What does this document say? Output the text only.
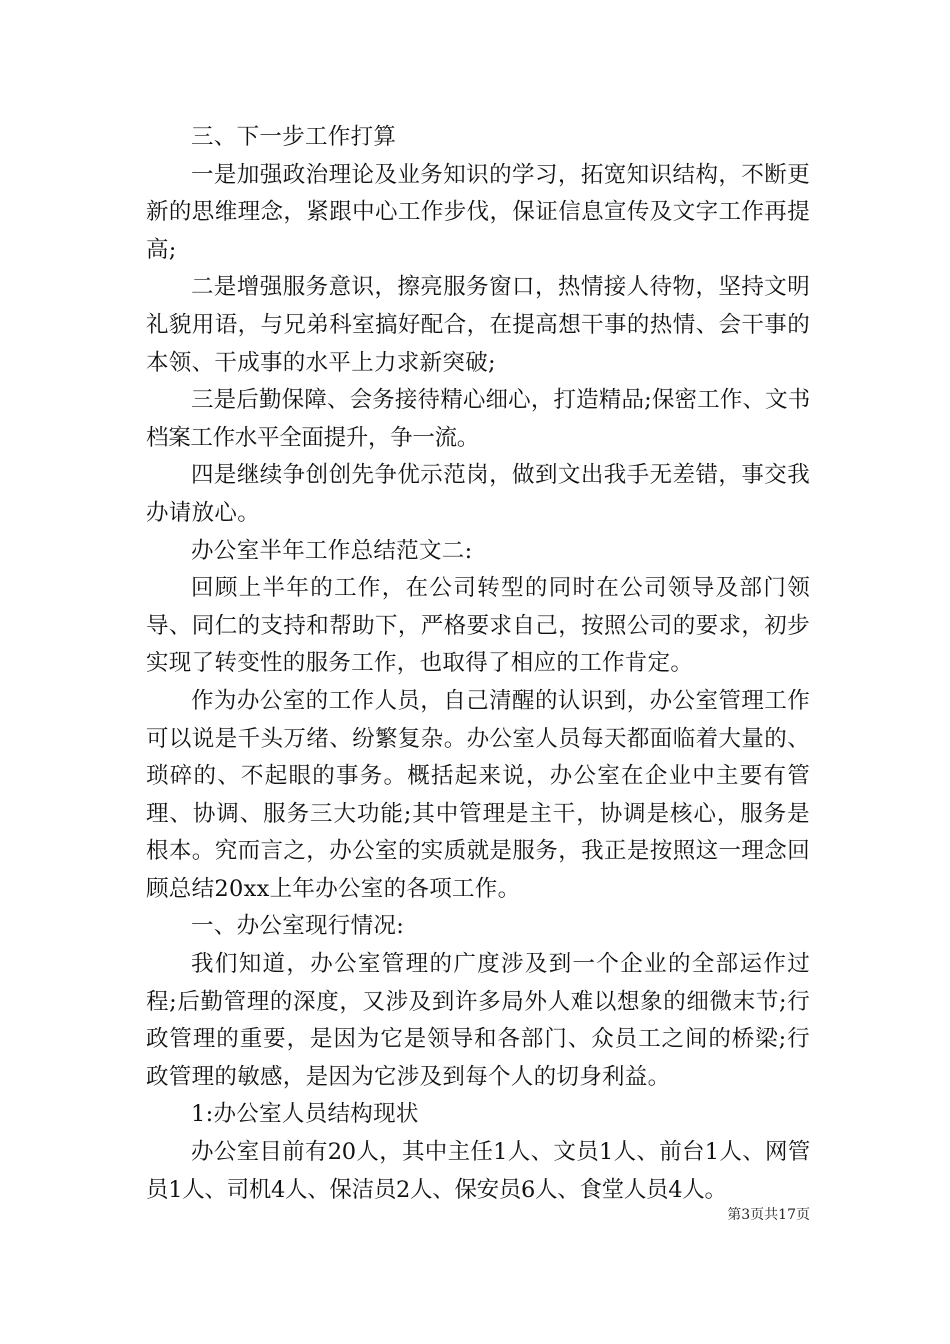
三、下一步工作打算

一是加强政治理论及业务知识的学习，拓宽知识结构，不断更新的思维理念，紧跟中心工作步伐，保证信息宣传及文字工作再提高;

二是增强服务意识，擦亮服务窗口，热情接人待物，坚持文明礼貌用语，与兄弟科室搞好配合，在提高想干事的热情、会干事的本领、干成事的水平上力求新突破;

三是后勤保障、会务接待精心细心，打造精品;保密工作、文书档案工作水平全面提升，争一流。

四是继续争创创先争优示范岗，做到文出我手无差错，事交我办请放心。

办公室半年工作总结范文二:

回顾上半年的工作，在公司转型的同时在公司领导及部门领导、同仁的支持和帮助下，严格要求自己，按照公司的要求，初步实现了转变性的服务工作，也取得了相应的工作肯定。

作为办公室的工作人员，自己清醒的认识到，办公室管理工作可以说是千头万绪、纷繁复杂。办公室人员每天都面临着大量的、琐碎的、不起眼的事务。概括起来说，办公室在企业中主要有管理、协调、服务三大功能;其中管理是主干，协调是核心，服务是根本。究而言之，办公室的实质就是服务，我正是按照这一理念回顾总结20xx上年办公室的各项工作。

一、办公室现行情况:

我们知道，办公室管理的广度涉及到一个企业的全部运作过程;后勤管理的深度，又涉及到许多局外人难以想象的细微末节;行政管理的重要，是因为它是领导和各部门、众员工之间的桥梁;行政管理的敏感，是因为它涉及到每个人的切身利益。

1:办公室人员结构现状

办公室目前有20人，其中主任1人、文员1人、前台1人、网管员1人、司机4人、保洁员2人、保安员6人、食堂人员4人。

第3页共17页
